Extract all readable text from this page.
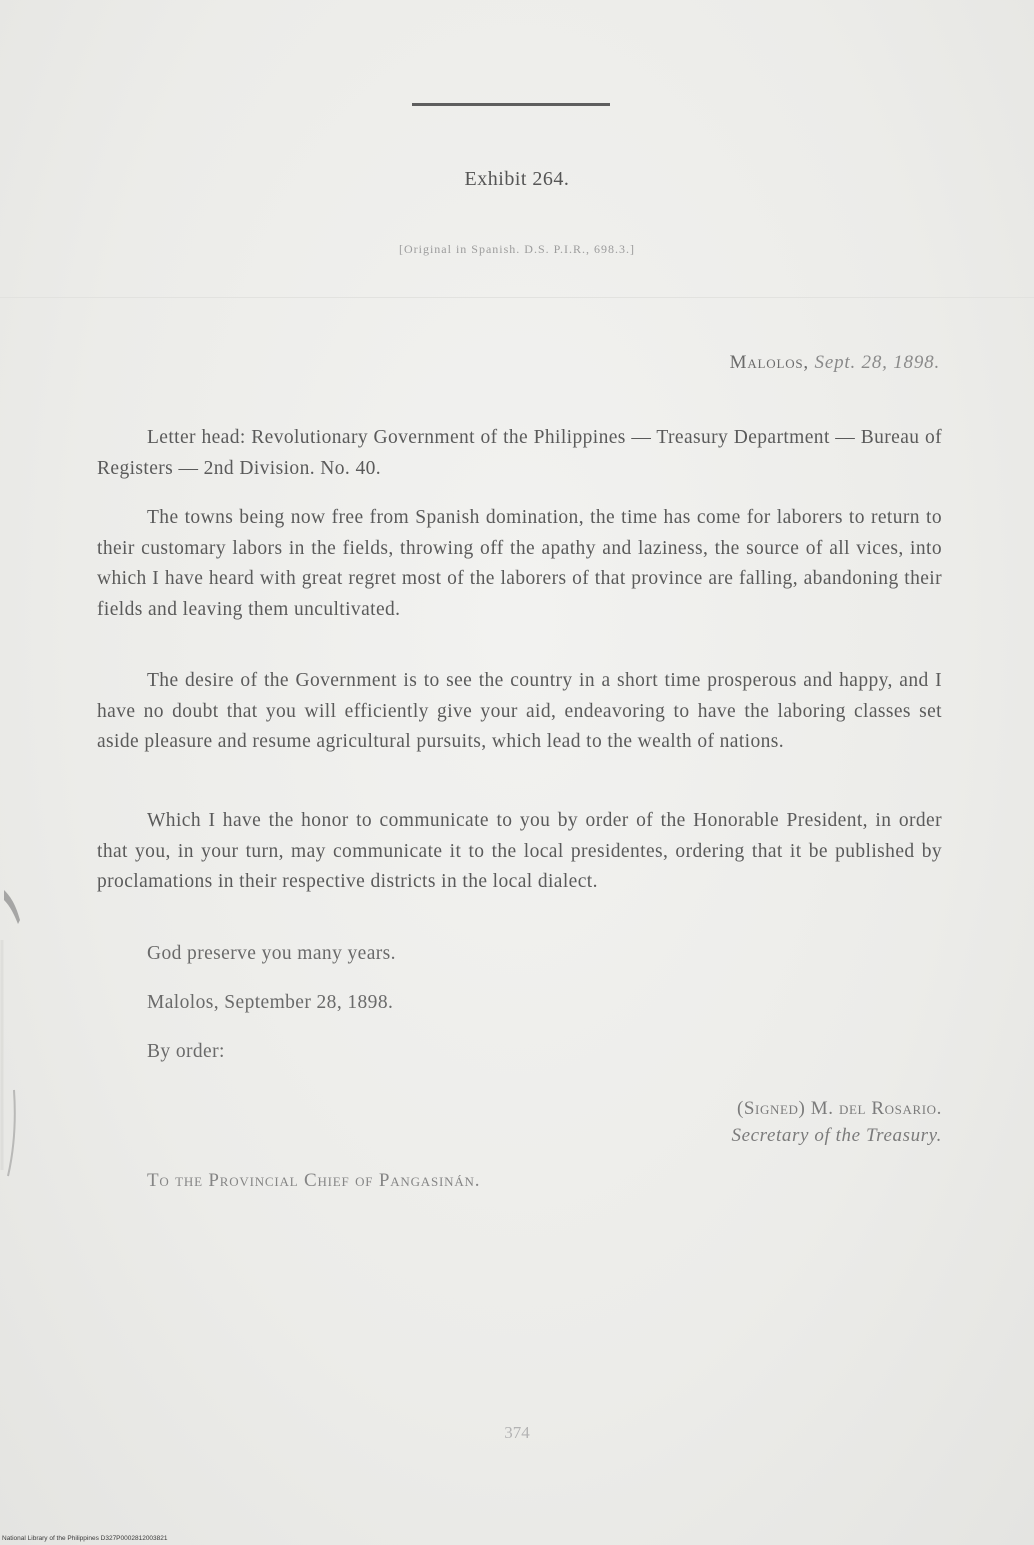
Exhibit 264.
[Original in Spanish. D.S. P.I.R., 698.3.]
Malolos, Sept. 28, 1898.

Letter head: Revolutionary Government of the Philippines — Treasury Department — Bureau of Registers — 2nd Division. No. 40.

The towns being now free from Spanish domination, the time has come for laborers to return to their customary labors in the fields, throwing off the apathy and laziness, the source of all vices, into which I have heard with great regret most of the laborers of that province are falling, abandoning their fields and leaving them uncultivated.

The desire of the Government is to see the country in a short time prosperous and happy, and I have no doubt that you will efficiently give your aid, endeavoring to have the laboring classes set aside pleasure and resume agricultural pursuits, which lead to the wealth of nations.

Which I have the honor to communicate to you by order of the Honorable President, in order that you, in your turn, may communicate it to the local presidentes, ordering that it be published by proclamations in their respective districts in the local dialect.

God preserve you many years.
Malolos, September 28, 1898.
By order:
(Signed) M. del Rosario.
Secretary of the Treasury.
To the Provincial Chief of Pangasinán.
374
National Library of the Philippines D327P0002812003821
